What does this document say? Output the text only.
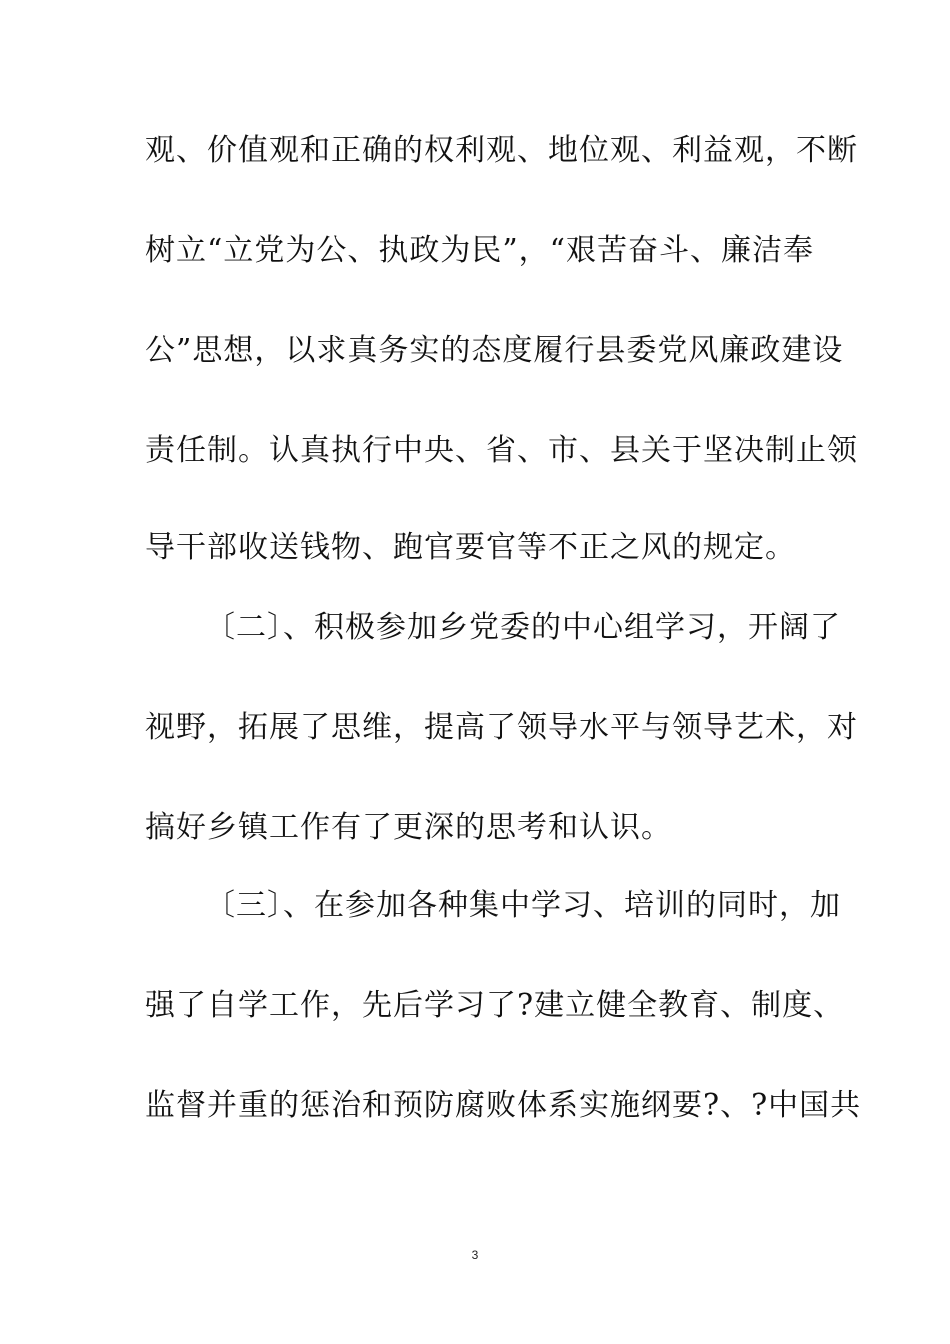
观、价值观和正确的权利观、地位观、利益观，不断
树立“立党为公、执政为民”，“艰苦奋斗、廉洁奉
公”思想，以求真务实的态度履行县委党风廉政建设
责任制。认真执行中央、省、市、县关于坚决制止领
导干部收送钱物、跑官要官等不正之风的规定。
〔二〕、积极参加乡党委的中心组学习，开阔了
视野，拓展了思维，提高了领导水平与领导艺术，对
搞好乡镇工作有了更深的思考和认识。
〔三〕、在参加各种集中学习、培训的同时，加
强了自学工作，先后学习了?建立健全教育、制度、
监督并重的惩治和预防腐败体系实施纲要?、?中国共
3
